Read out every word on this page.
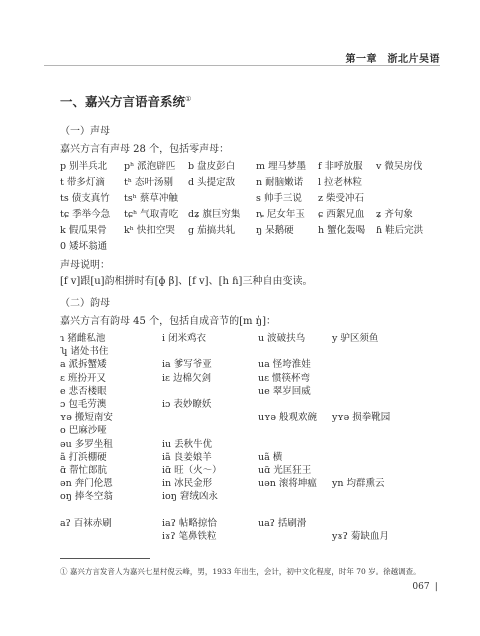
第一章　浙北片吴语
一、嘉兴方言语音系统①
（一）声母
嘉兴方言有声母 28 个，包括零声母：
p 别半兵北 pʰ 派泡辟匹 b 盘皮彭白 m 埋马梦墨 f 非呼放服 v 微吴房伐
t 带多灯滴 tʰ 态叶汤剔 d 头提定敌 n 耐脑嫩诺 l 拉老林粒
ts 债支真竹 tsʰ 蔡草冲触	s 帅手三说 z 柴受冲石
tɕ 季举今急 tɕʰ 气取青吃 dʑ 旗巨穷集 ȵ 尼女年玉 ɕ 西絮兄血 ʑ 齐句象
k 假瓜果骨 kʰ 快扣空哭 g 茄搞共轧 ŋ 呆鹅硬	h 蟹化轰喝 ɦ 鞋后完洪
0 矮坏翁通
声母说明：
[f v]跟[u]韵相拼时有[ɸ β]、[f v]、[h ɦ]三种自由变读。
（二）韵母
嘉兴方言有韵母 45 个，包括自成音节的[m ŋ̍]：
ɿ 猪雌私池	i 闭米鸡衣	u 波破扶乌	y 驴区须鱼
ʮ 诸处书住
a 派拆蟹矮	ia 爹写爷亚	ua 怪垮淮娃
ɛ 班扮开又	iɛ 边棉欠剑	uɛ 惯筷杯弯
e 悲否楼眼	ue 翠岁回威
ɔ 包毛劳澳	iɔ 表妙瞭妖
ʏə 搬短南安	uʏə 般观欢碗 yʏə 损拳靴园
o 巴麻沙哑
əu 多罗坐租	iu 丢秋牛优
ã 打浜棚硬	iã 良姜娘羊	uã 横
ɑ̃ 帮忙郎肮	iɑ̃ 旺（火～）	uɑ̃ 光匡狂王
ən 奔门伦恩	in 冰民金形	uən 滚将坤瘟 yn 均群熏云
oŋ 捧冬空翁	ioŋ 窘绒凶永
aʔ 百袜赤刷	iaʔ 帖略掠恰	uaʔ 括刷滑
iɤʔ 笔鼻铁粒	yɤʔ 菊缺血月
① 嘉兴方言发音人为嘉兴七星村倪云峰，男，1933 年出生，会计，初中文化程度，时年 70 岁。徐越调查。
067 ❘
